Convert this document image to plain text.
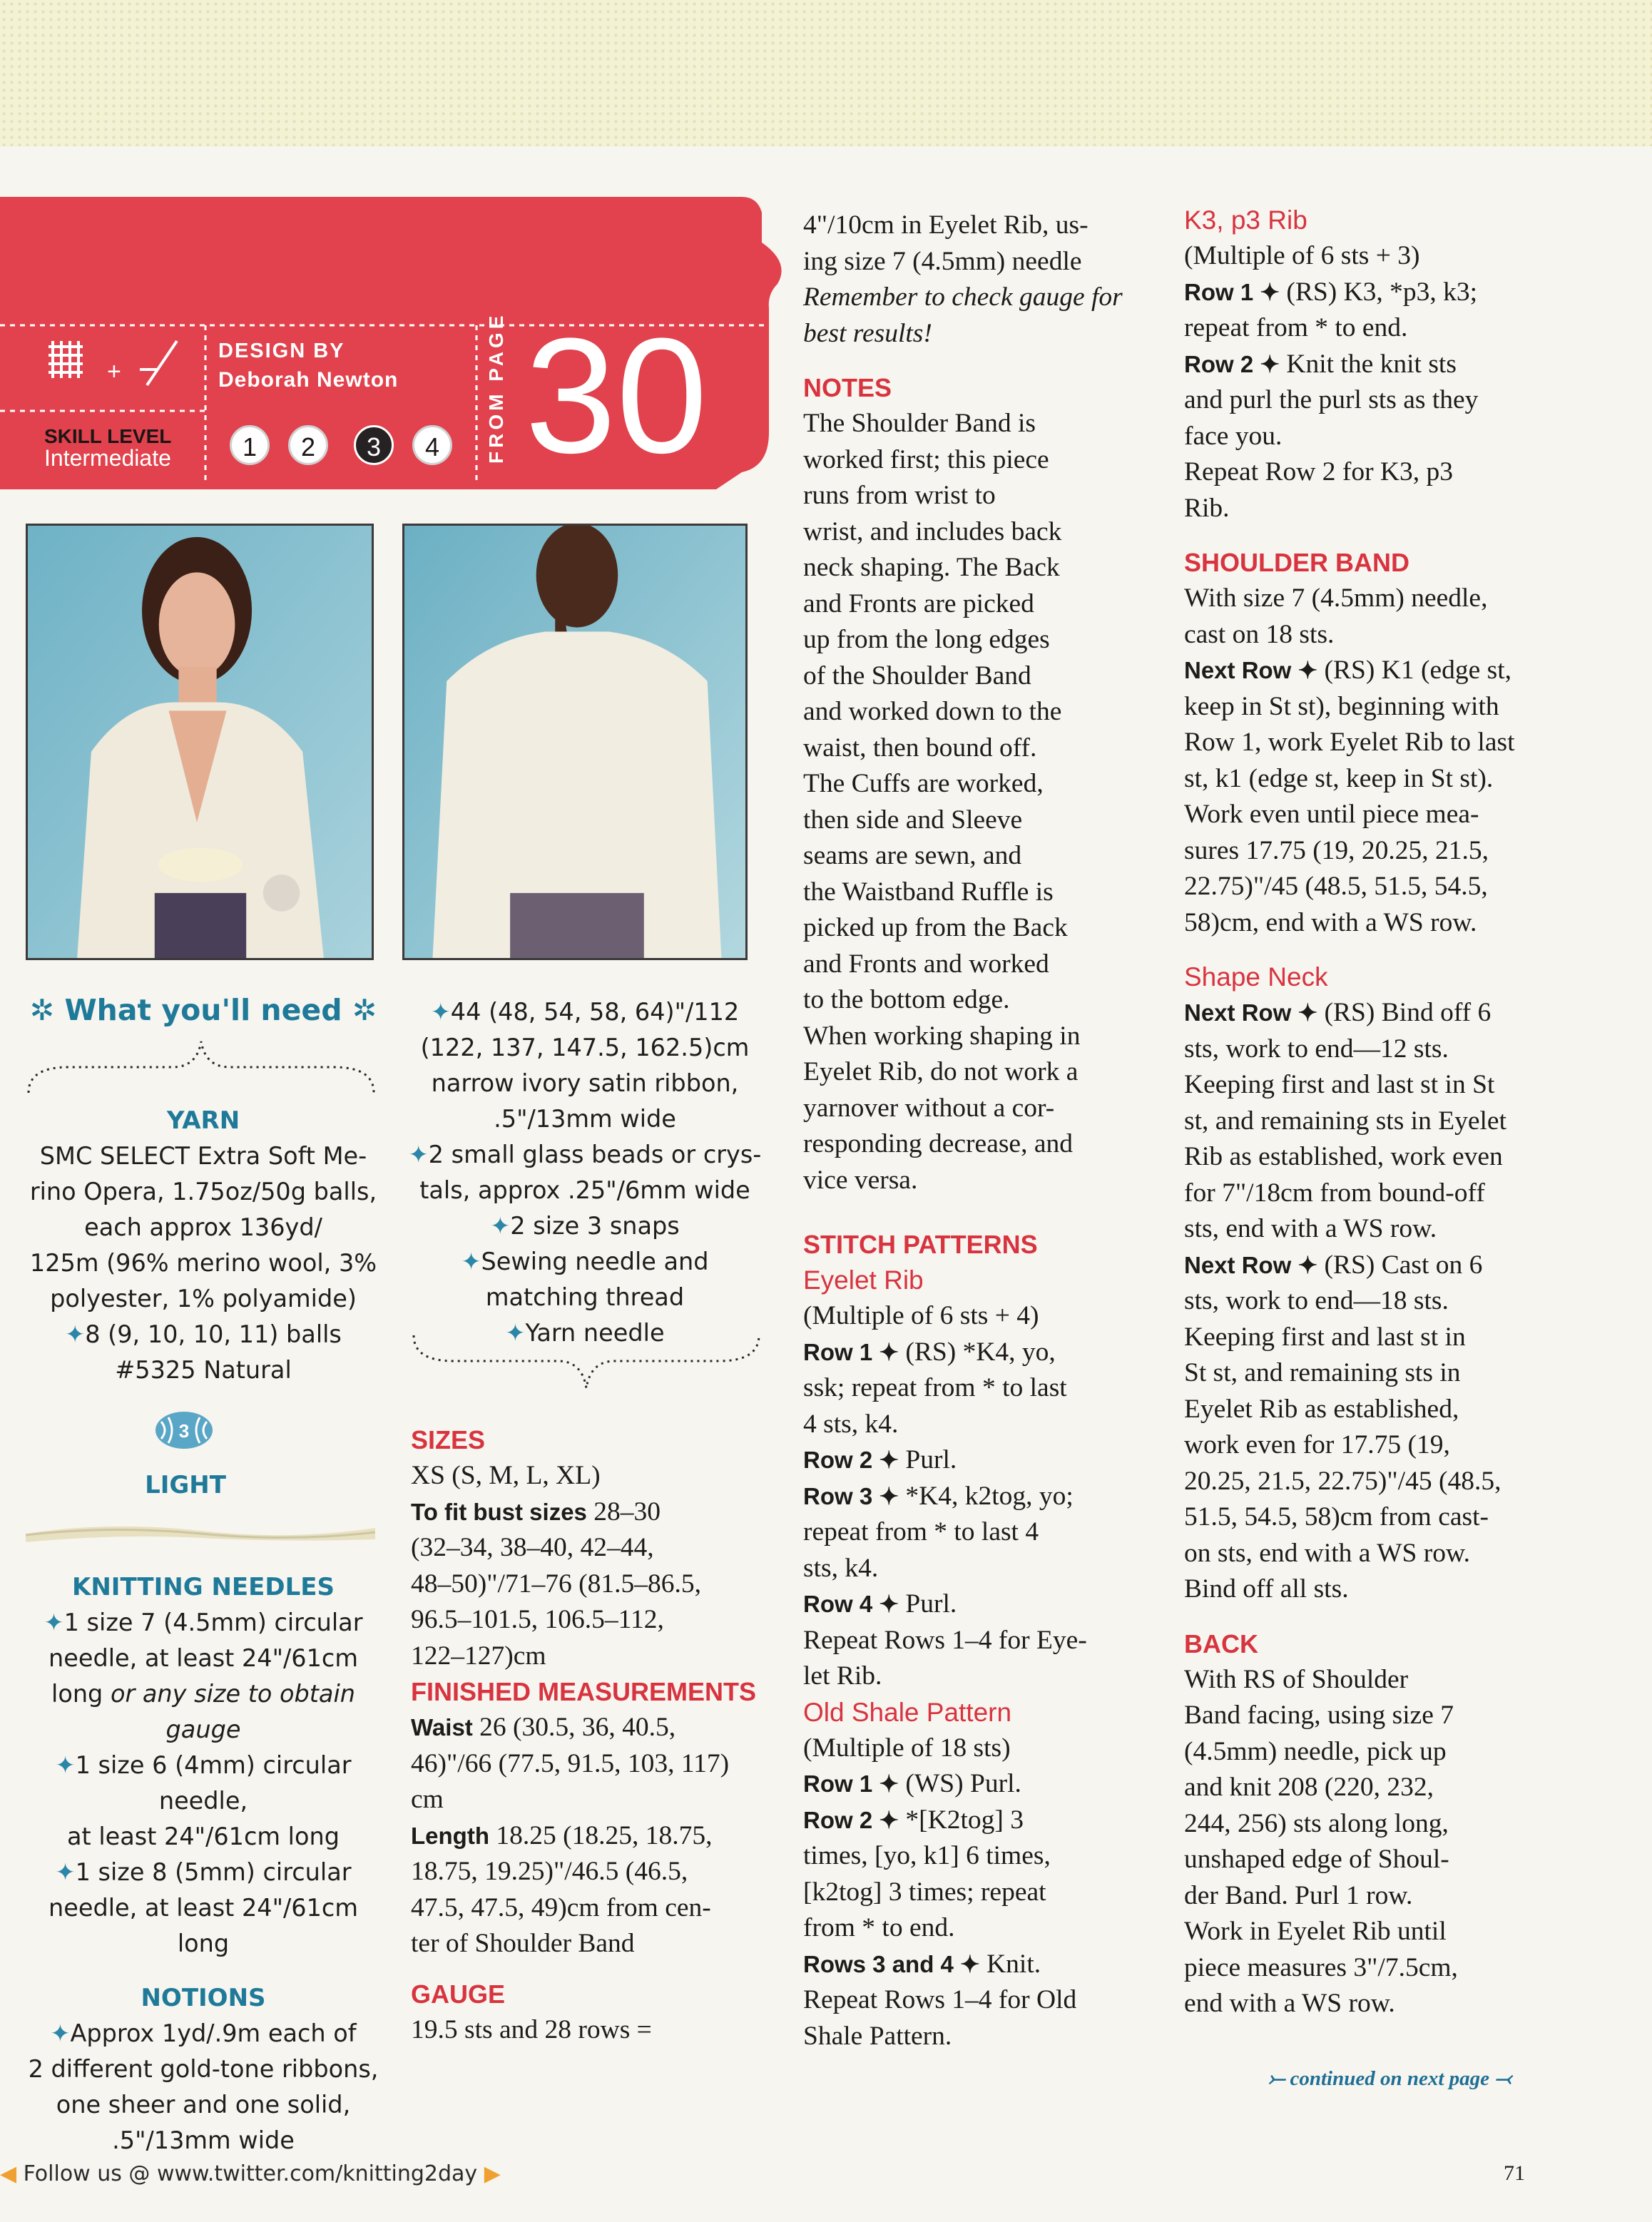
+
DESIGN BY
Deborah Newton
SKILL LEVEL
Intermediate	1	2	3	4	FROM PAGE 30
✲ What you'll need ✲
YARN
SMC SELECT Extra Soft Me-
rino Opera, 1.75oz/50g balls,
each approx 136yd/
125m (96% merino wool, 3%
polyester, 1% polyamide)
✦8 (9, 10, 10, 11) balls
#5325 Natural
3
LIGHT
KNITTING NEEDLES
✦1 size 7 (4.5mm) circular
needle, at least 24"/61cm
long or any size to obtain
gauge
✦1 size 6 (4mm) circular needle,
at least 24"/61cm long
✦1 size 8 (5mm) circular
needle, at least 24"/61cm long
NOTIONS
✦Approx 1yd/.9m each of
2 different gold-tone ribbons,
one sheer and one solid,
.5"/13mm wide
✦44 (48, 54, 58, 64)"/112
(122, 137, 147.5, 162.5)cm
narrow ivory satin ribbon,
.5"/13mm wide
✦2 small glass beads or crys-
tals, approx .25"/6mm wide
✦2 size 3 snaps
✦Sewing needle and
matching thread
✦Yarn needle
SIZES

XS (S, M, L, XL)

To fit bust sizes 28–30

(32–34, 38–40, 42–44,

48–50)"/71–76 (81.5–86.5,

96.5–101.5, 106.5–112,

122–127)cm

FINISHED MEASUREMENTS

Waist 26 (30.5, 36, 40.5,

46)"/66 (77.5, 91.5, 103, 117)

cm

Length 18.25 (18.25, 18.75,

18.75, 19.25)"/46.5 (46.5,

47.5, 47.5, 49)cm from cen-

ter of Shoulder Band

GAUGE

19.5 sts and 28 rows =

4"/10cm in Eyelet Rib, us-

ing size 7 (4.5mm) needle

Remember to check gauge for

best results!

NOTES

The Shoulder Band is

worked first; this piece

runs from wrist to

wrist, and includes back

neck shaping. The Back

and Fronts are picked

up from the long edges

of the Shoulder Band

and worked down to the

waist, then bound off.

The Cuffs are worked,

then side and Sleeve

seams are sewn, and

the Waistband Ruffle is

picked up from the Back

and Fronts and worked

to the bottom edge.

When working shaping in

Eyelet Rib, do not work a

yarnover without a cor-

responding decrease, and

vice versa.

STITCH PATTERNS
Eyelet Rib

(Multiple of 6 sts + 4)

Row 1 ✦ (RS) *K4, yo,

ssk; repeat from * to last

4 sts, k4.

Row 2 ✦ Purl.

Row 3 ✦ *K4, k2tog, yo;

repeat from * to last 4

sts, k4.

Row 4 ✦ Purl.

Repeat Rows 1–4 for Eye-

let Rib.

Old Shale Pattern

(Multiple of 18 sts)

Row 1 ✦ (WS) Purl.

Row 2 ✦ *[K2tog] 3

times, [yo, k1] 6 times,

[k2tog] 3 times; repeat

from * to end.

Rows 3 and 4 ✦ Knit.

Repeat Rows 1–4 for Old

Shale Pattern.

K3, p3 Rib

(Multiple of 6 sts + 3)

Row 1 ✦ (RS) K3, *p3, k3;

repeat from * to end.

Row 2 ✦ Knit the knit sts

and purl the purl sts as they

face you.

Repeat Row 2 for K3, p3

Rib.

SHOULDER BAND

With size 7 (4.5mm) needle,

cast on 18 sts.

Next Row ✦ (RS) K1 (edge st,

keep in St st), beginning with

Row 1, work Eyelet Rib to last

st, k1 (edge st, keep in St st).

Work even until piece mea-

sures 17.75 (19, 20.25, 21.5,

22.75)"/45 (48.5, 51.5, 54.5,

58)cm, end with a WS row.

Shape Neck

Next Row ✦ (RS) Bind off 6

sts, work to end—12 sts.

Keeping first and last st in St

st, and remaining sts in Eyelet

Rib as established, work even

for 7"/18cm from bound-off

sts, end with a WS row.

Next Row ✦ (RS) Cast on 6

sts, work to end—18 sts.

Keeping first and last st in

St st, and remaining sts in

Eyelet Rib as established,

work even for 17.75 (19,

20.25, 21.5, 22.75)"/45 (48.5,

51.5, 54.5, 58)cm from cast-

on sts, end with a WS row.

Bind off all sts.

BACK

With RS of Shoulder

Band facing, using size 7

(4.5mm) needle, pick up

and knit 208 (220, 232,

244, 256) sts along long,

unshaped edge of Shoul-

der Band. Purl 1 row.

Work in Eyelet Rib until

piece measures 3"/7.5cm,

end with a WS row.

⤚ continued on next page ⤙
◀ Follow us @ www.twitter.com/knitting2day ▶	71
